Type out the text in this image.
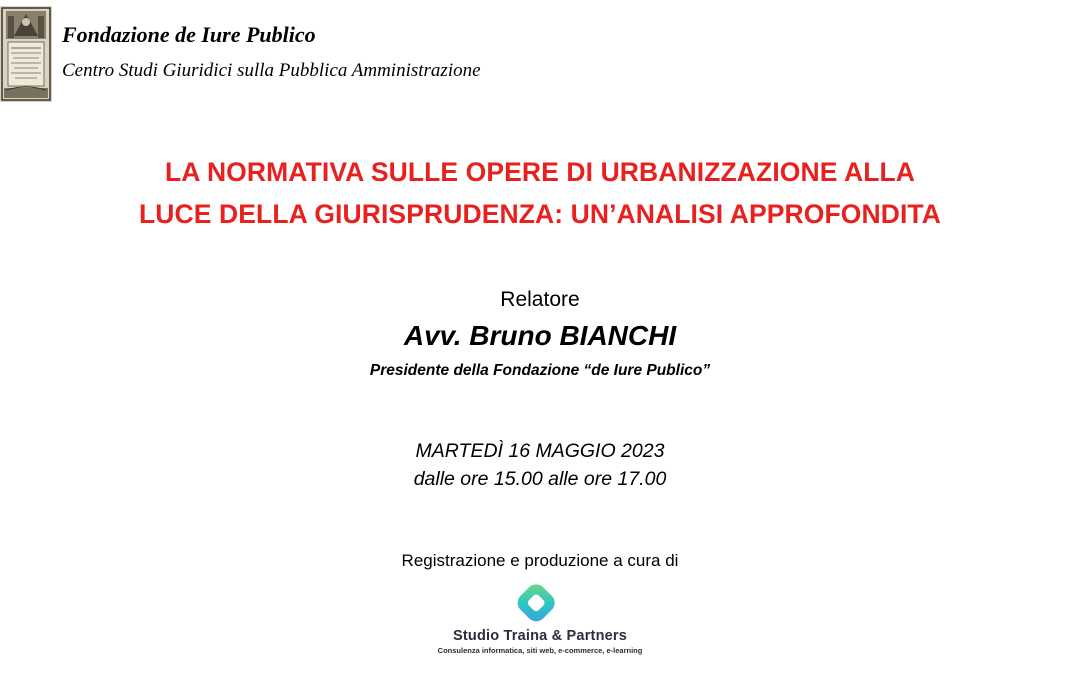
Fondazione de Iure Publico
Centro Studi Giuridici sulla Pubblica Amministrazione
LA NORMATIVA SULLE OPERE DI URBANIZZAZIONE ALLA
LUCE DELLA GIURISPRUDENZA: UN’ANALISI APPROFONDITA
Relatore
Avv. Bruno BIANCHI
Presidente della Fondazione “de Iure Publico”
MARTEDÌ 16 MAGGIO 2023
dalle ore 15.00 alle ore 17.00
Registrazione e produzione a cura di
Studio Traina & Partners
Consulenza informatica, siti web, e-commerce, e-learning
